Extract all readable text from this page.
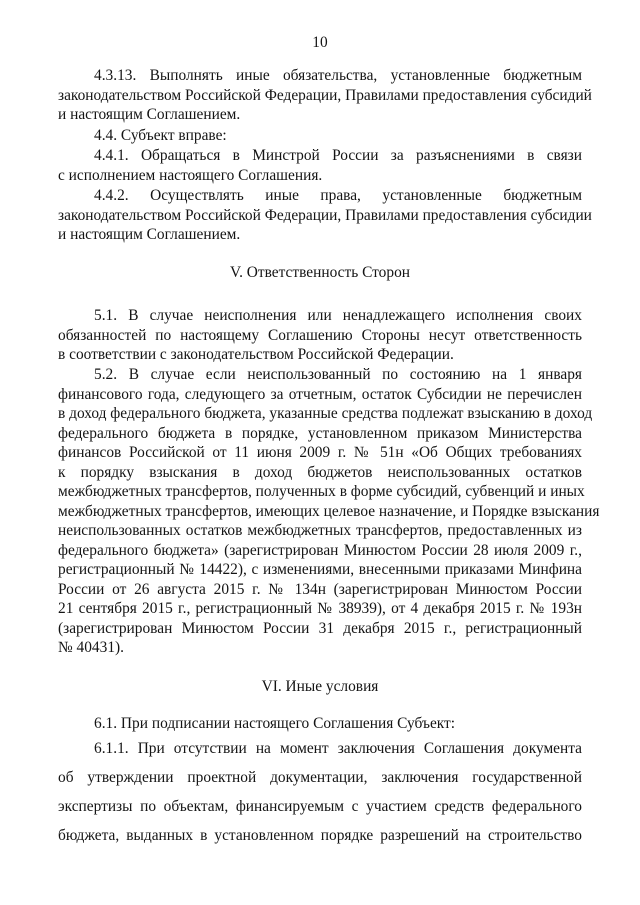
10
4.3.13. Выполнять иные обязательства, установленные бюджетным
законодательством Российской Федерации, Правилами предоставления субсидий
и настоящим Соглашением.
4.4. Субъект вправе:
4.4.1. Обращаться в Минстрой России за разъяснениями в связи
с исполнением настоящего Соглашения.
4.4.2. Осуществлять иные права, установленные бюджетным
законодательством Российской Федерации, Правилами предоставления субсидии
и настоящим Соглашением.
V. Ответственность Сторон
5.1. В случае неисполнения или ненадлежащего исполнения своих
обязанностей по настоящему Соглашению Стороны несут ответственность
в соответствии с законодательством Российской Федерации.
5.2. В случае если неиспользованный по состоянию на 1 января
финансового года, следующего за отчетным, остаток Субсидии не перечислен
в доход федерального бюджета, указанные средства подлежат взысканию в доход
федерального бюджета в порядке, установленном приказом Министерства
финансов Российской от 11 июня 2009 г. № 51н «Об Общих требованиях
к порядку взыскания в доход бюджетов неиспользованных остатков
межбюджетных трансфертов, полученных в форме субсидий, субвенций и иных
межбюджетных трансфертов, имеющих целевое назначение, и Порядке взыскания
неиспользованных остатков межбюджетных трансфертов, предоставленных из
федерального бюджета» (зарегистрирован Минюстом России 28 июля 2009 г.,
регистрационный № 14422), с изменениями, внесенными приказами Минфина
России от 26 августа 2015 г. № 134н (зарегистрирован Минюстом России
21 сентября 2015 г., регистрационный № 38939), от 4 декабря 2015 г. № 193н
(зарегистрирован Минюстом России 31 декабря 2015 г., регистрационный
№ 40431).
VI. Иные условия
6.1. При подписании настоящего Соглашения Субъект:
6.1.1. При отсутствии на момент заключения Соглашения документа
об утверждении проектной документации, заключения государственной
экспертизы по объектам, финансируемым с участием средств федерального
бюджета, выданных в установленном порядке разрешений на строительство
